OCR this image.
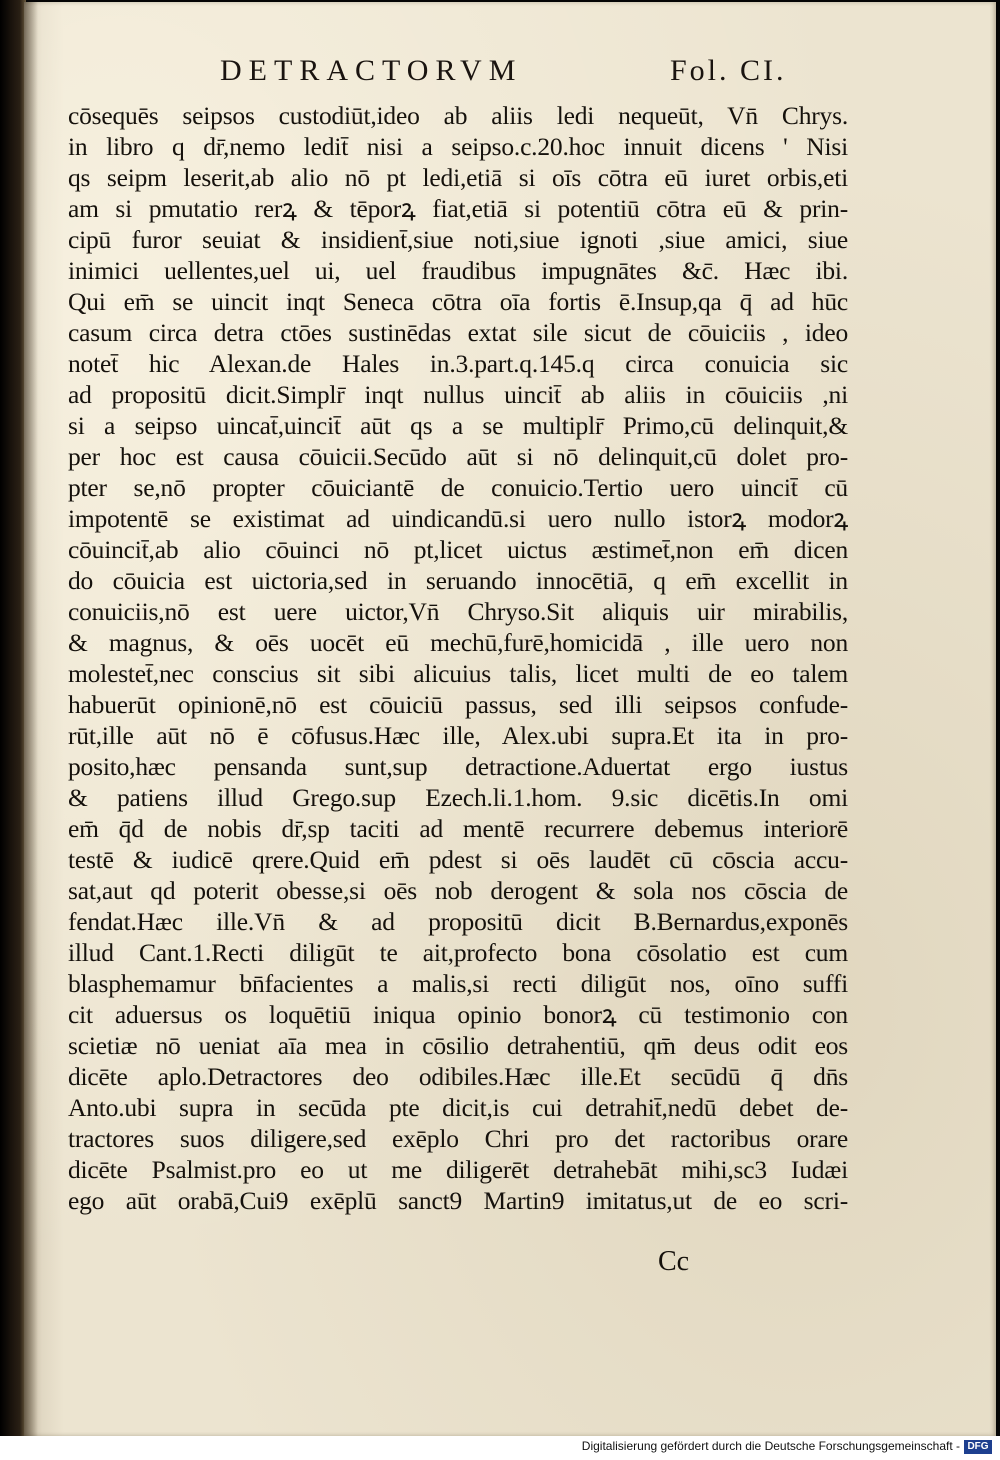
DETRACTORVM	Fol. CI.
cōsequēs seipsos custodiūt,ideo ab aliis ledi nequeūt, Vn̄ Chrys.
in libro q dr̄,nemo ledit̄ nisi a seipso.c.20.hoc innuit dicens ' Nisi
qs seipm leserit,ab alio nō pt ledi,etiā si oīs cōtra eū iuret orbis,eti
am si pmutatio rerꝝ & tēporꝝ fiat,etiā si potentiū cōtra eū & prin-
cipū furor seuiat & insidient̄,siue noti,siue ignoti ,siue amici, siue
inimici uellentes,uel ui, uel fraudibus impugnātes &c̄. Hæc ibi.
Qui em̄ se uincit inqt Seneca cōtra oīa fortis ē.Insup,qa q̄ ad hūc
casum circa detra ctōes sustinēdas extat sile sicut de cōuiciis , ideo
notet̄ hic Alexan.de Hales in.3.part.q.145.q circa conuicia sic
ad propositū dicit.Simplr̄ inqt nullus uincit̄ ab aliis in cōuiciis ,ni
si a seipso uincat̄,uincit̄ aūt qs a se multiplr̄ Primo,cū delinquit,&
per hoc est causa cōuicii.Secūdo aūt si nō delinquit,cū dolet pro-
pter se,nō propter cōuiciantē de conuicio.Tertio uero uincit̄ cū
impotentē se existimat ad uindicandū.si uero nullo istorꝝ modorꝝ
cōuincit̄,ab alio cōuinci nō pt,licet uictus æstimet̄,non em̄ dicen
do cōuicia est uictoria,sed in seruando innocētiā, q em̄ excellit in
conuiciis,nō est uere uictor,Vn̄ Chryso.Sit aliquis uir mirabilis,
& magnus, & oēs uocēt eū mechū,furē,homicidā , ille uero non
molestet̄,nec conscius sit sibi alicuius talis, licet multi de eo talem
habuerūt opinionē,nō est cōuiciū passus, sed illi seipsos confude-
rūt,ille aūt nō ē cōfusus.Hæc ille, Alex.ubi supra.Et ita in pro-
posito,hæc pensanda sunt,sup detractione.Aduertat ergo iustus
& patiens illud Grego.sup Ezech.li.1.hom. 9.sic dicētis.In omi
em̄ q̄d de nobis dr̄,sp taciti ad mentē recurrere debemus interiorē
testē & iudicē qrere.Quid em̄ pdest si oēs laudēt cū cōscia accu-
sat,aut qd poterit obesse,si oēs nob derogent & sola nos cōscia de
fendat.Hæc ille.Vn̄ & ad propositū dicit B.Bernardus,exponēs
illud Cant.1.Recti diligūt te ait,profecto bona cōsolatio est cum
blasphemamur bn̄facientes a malis,si recti diligūt nos, oīno suffi
cit aduersus os loquētiū iniqua opinio bonorꝝ cū testimonio con
scietiæ nō ueniat aīa mea in cōsilio detrahentiū, qm̄ deus odit eos
dicēte aplo.Detractores deo odibiles.Hæc ille.Et secūdū q̄ dn̄s
Anto.ubi supra in secūda pte dicit,is cui detrahit̄,nedū debet de-
tractores suos diligere,sed exēplo Chri pro det ractoribus orare
dicēte Psalmist.pro eo ut me diligerēt detrahebāt mihi,sc3 Iudæi
ego aūt orabā,Cui9 exēplū sanct9 Martin9 imitatus,ut de eo scri-
Cc
Digitalisierung gefördert durch die Deutsche Forschungsgemeinschaft - DFG
